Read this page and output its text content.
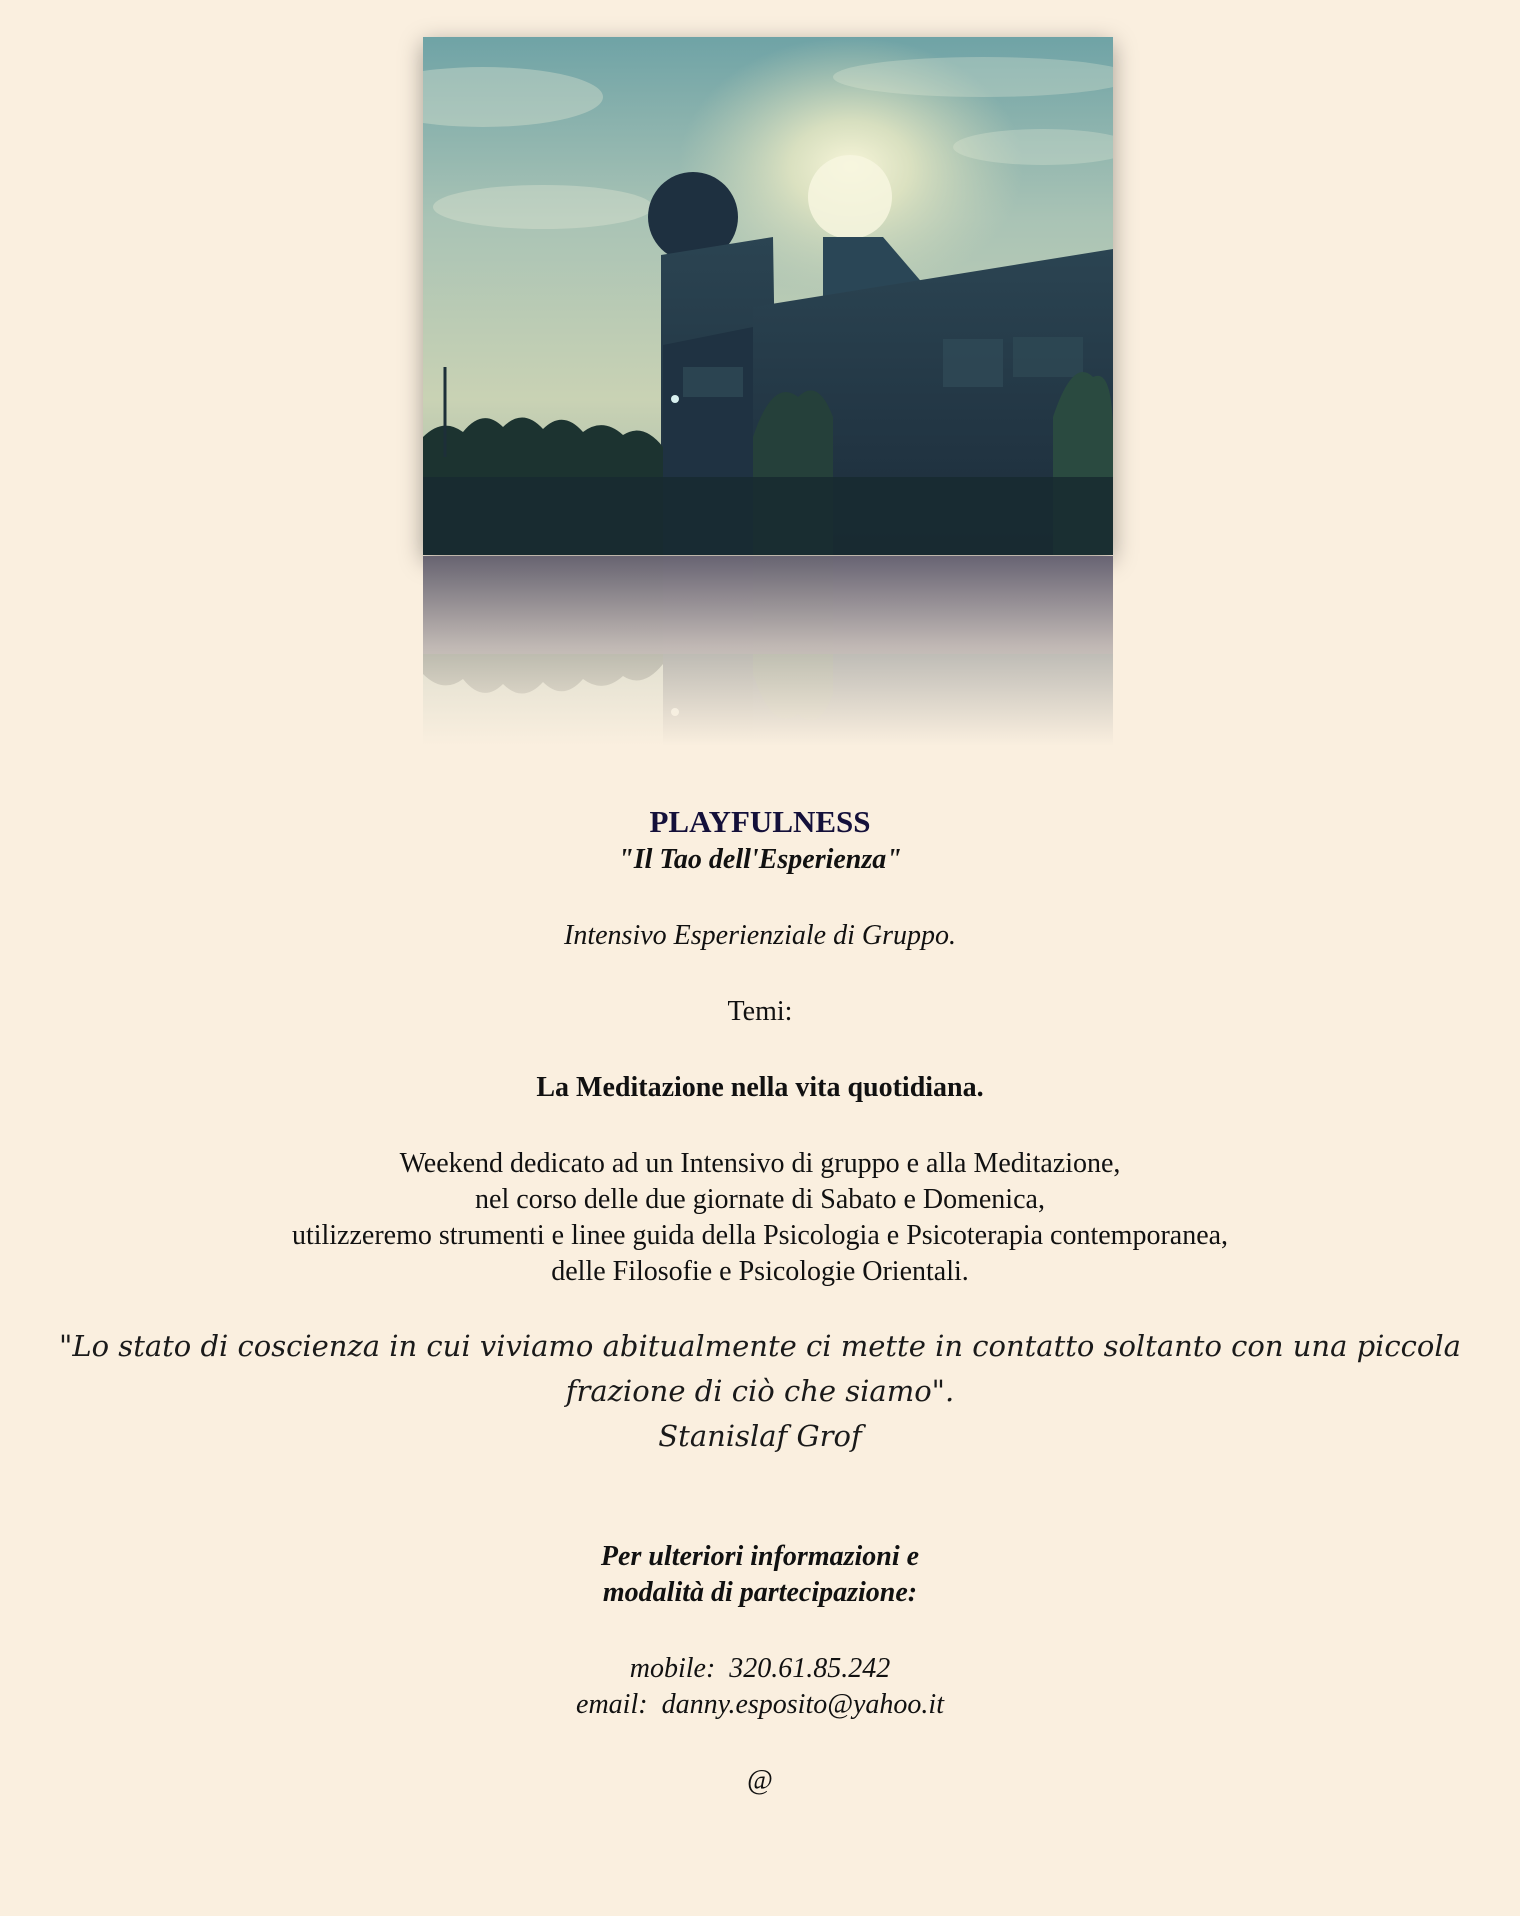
PLAYFULNESS

"Il Tao dell'Esperienza"

Intensivo Esperienziale di Gruppo.

Temi:

La Meditazione nella vita quotidiana.

Weekend dedicato ad un Intensivo di gruppo e alla Meditazione,

nel corso delle due giornate di Sabato e Domenica,

utilizzeremo strumenti e linee guida della Psicologia e Psicoterapia contemporanea,

delle Filosofie e Psicologie Orientali.

"Lo stato di coscienza in cui viviamo abitualmente ci mette in contatto soltanto con una piccola

frazione di ciò che siamo".

Stanislaf Grof

Per ulteriori informazioni e

modalità di partecipazione:

mobile:  320.61.85.242

email:  danny.esposito@yahoo.it

@
